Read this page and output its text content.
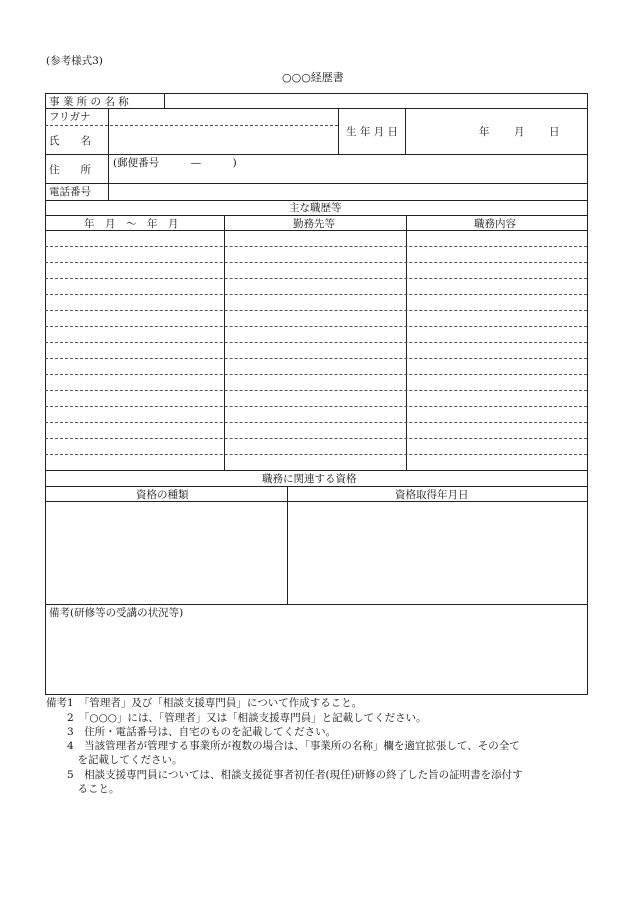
(参考様式3)
○○○経歴書
事 業 所 の 名 称
フリガナ
氏　　名
生 年 月 日	年 月 日
住　　所
(郵便番号　　　—　　　)
電話番号
主な職歴等
年　月　～　年　月	勤務先等	職務内容
職務に関連する資格
資格の種類	資格取得年月日
備考(研修等の受講の状況等)
備考1　「管理者」及び「相談支援専門員」について作成すること。
　　2　「○○○」には、「管理者」又は「相談支援専門員」と記載してください。
　　3　住所・電話番号は、自宅のものを記載してください。
　　4　当該管理者が管理する事業所が複数の場合は、「事業所の名称」欄を適宜拡張して、その全て
　　　を記載してください。
　　5　相談支援専門員については、相談支援従事者初任者(現任)研修の終了した旨の証明書を添付す
　　　ること。
